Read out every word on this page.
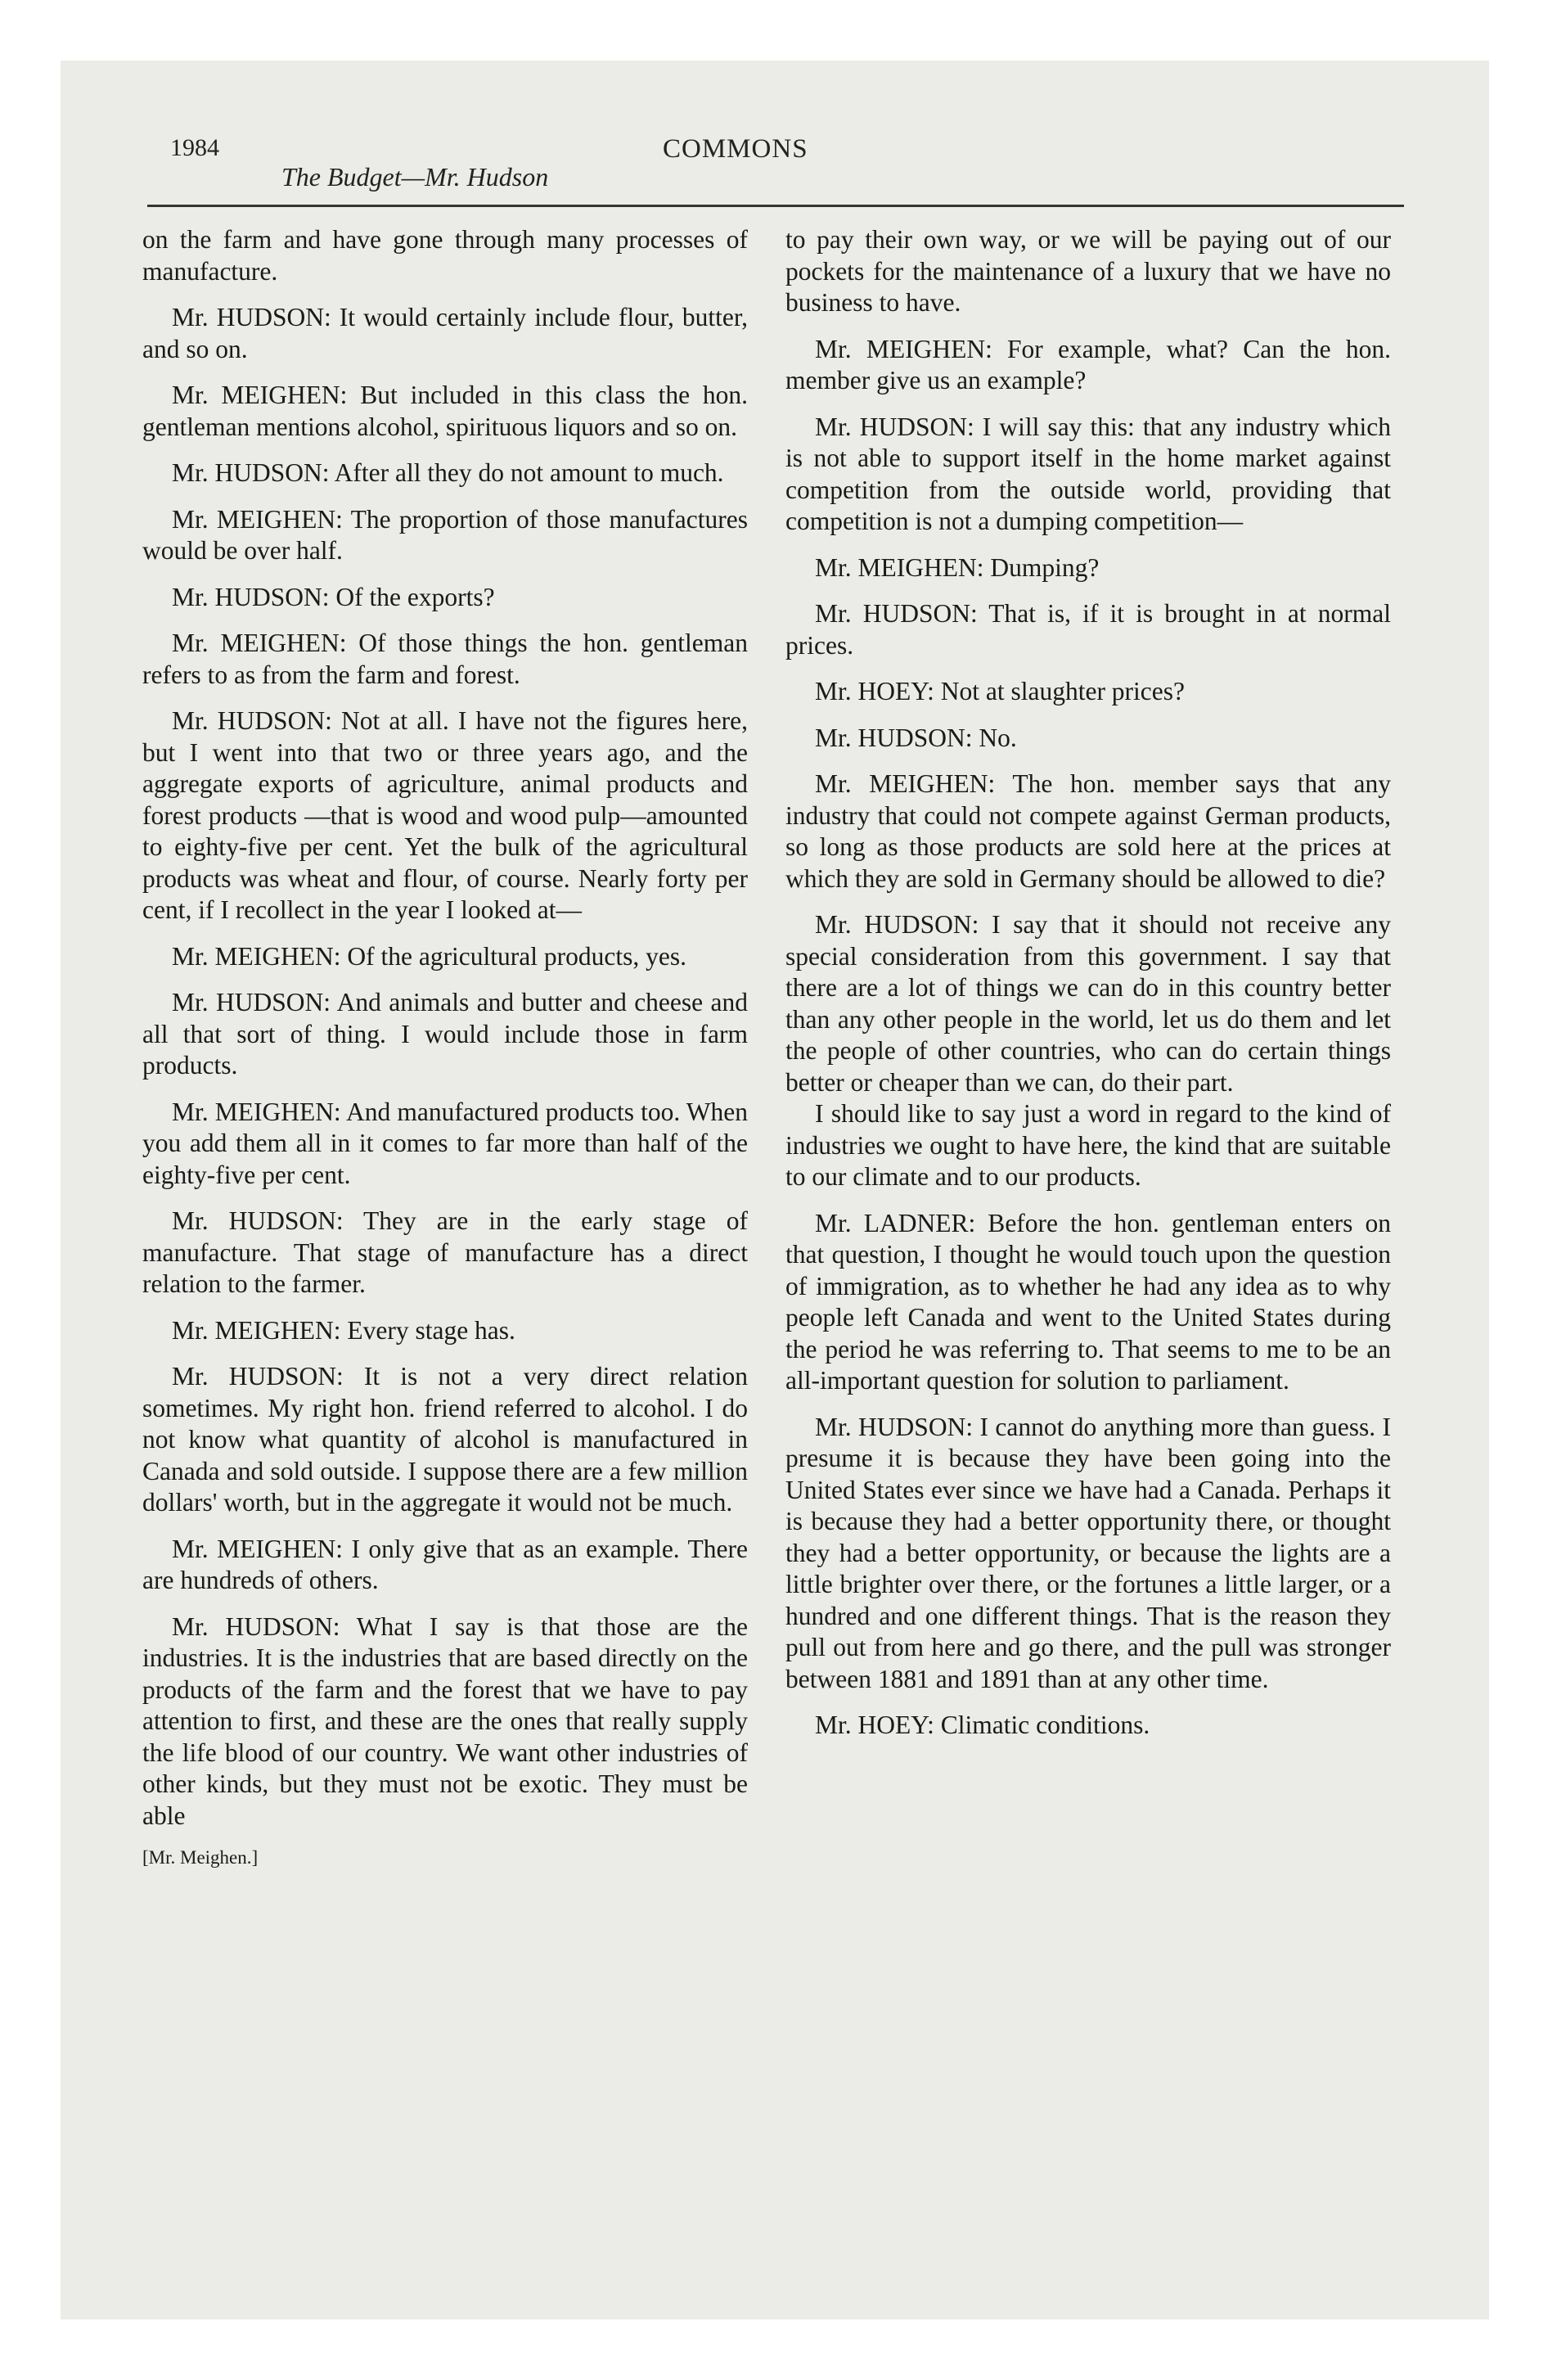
1984
The Budget—Mr. Hudson
COMMONS

on the farm and have gone through many processes of manufacture.

Mr. HUDSON: It would certainly include flour, butter, and so on.

Mr. MEIGHEN: But included in this class the hon. gentleman mentions alcohol, spirituous liquors and so on.

Mr. HUDSON: After all they do not amount to much.

Mr. MEIGHEN: The proportion of those manufactures would be over half.

Mr. HUDSON: Of the exports?

Mr. MEIGHEN: Of those things the hon. gentleman refers to as from the farm and forest.

Mr. HUDSON: Not at all. I have not the figures here, but I went into that two or three years ago, and the aggregate exports of agriculture, animal products and forest products —that is wood and wood pulp—amounted to eighty-five per cent. Yet the bulk of the agricultural products was wheat and flour, of course. Nearly forty per cent, if I recollect in the year I looked at—

Mr. MEIGHEN: Of the agricultural products, yes.

Mr. HUDSON: And animals and butter and cheese and all that sort of thing. I would include those in farm products.

Mr. MEIGHEN: And manufactured products too. When you add them all in it comes to far more than half of the eighty-five per cent.

Mr. HUDSON: They are in the early stage of manufacture. That stage of manufacture has a direct relation to the farmer.

Mr. MEIGHEN: Every stage has.

Mr. HUDSON: It is not a very direct relation sometimes. My right hon. friend referred to alcohol. I do not know what quantity of alcohol is manufactured in Canada and sold outside. I suppose there are a few million dollars' worth, but in the aggregate it would not be much.

Mr. MEIGHEN: I only give that as an example. There are hundreds of others.

Mr. HUDSON: What I say is that those are the industries. It is the industries that are based directly on the products of the farm and the forest that we have to pay attention to first, and these are the ones that really supply the life blood of our country. We want other industries of other kinds, but they must not be exotic. They must be able

[Mr. Meighen.]

to pay their own way, or we will be paying out of our pockets for the maintenance of a luxury that we have no business to have.

Mr. MEIGHEN: For example, what? Can the hon. member give us an example?

Mr. HUDSON: I will say this: that any industry which is not able to support itself in the home market against competition from the outside world, providing that competition is not a dumping competition—

Mr. MEIGHEN: Dumping?

Mr. HUDSON: That is, if it is brought in at normal prices.

Mr. HOEY: Not at slaughter prices?

Mr. HUDSON: No.

Mr. MEIGHEN: The hon. member says that any industry that could not compete against German products, so long as those products are sold here at the prices at which they are sold in Germany should be allowed to die?

Mr. HUDSON: I say that it should not receive any special consideration from this government. I say that there are a lot of things we can do in this country better than any other people in the world, let us do them and let the people of other countries, who can do certain things better or cheaper than we can, do their part.

I should like to say just a word in regard to the kind of industries we ought to have here, the kind that are suitable to our climate and to our products.

Mr. LADNER: Before the hon. gentleman enters on that question, I thought he would touch upon the question of immigration, as to whether he had any idea as to why people left Canada and went to the United States during the period he was referring to. That seems to me to be an all-important question for solution to parliament.

Mr. HUDSON: I cannot do anything more than guess. I presume it is because they have been going into the United States ever since we have had a Canada. Perhaps it is because they had a better opportunity there, or thought they had a better opportunity, or because the lights are a little brighter over there, or the fortunes a little larger, or a hundred and one different things. That is the reason they pull out from here and go there, and the pull was stronger between 1881 and 1891 than at any other time.

Mr. HOEY: Climatic conditions.
